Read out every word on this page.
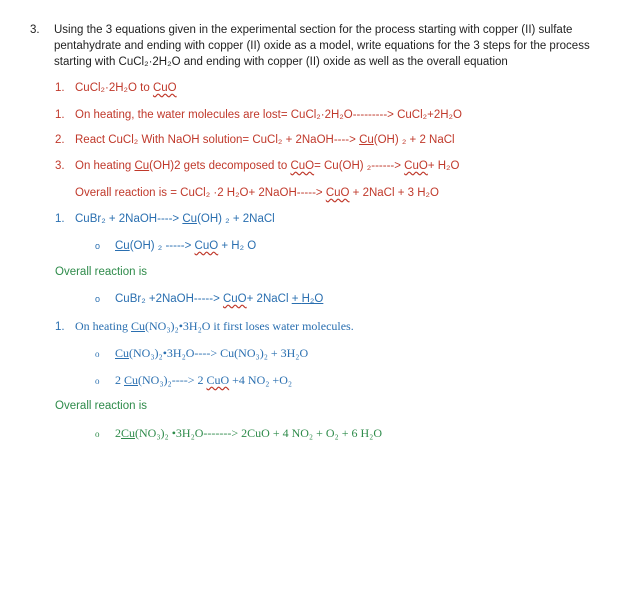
3. Using the 3 equations given in the experimental section for the process starting with copper (II) sulfate
pentahydrate and ending with copper (II) oxide as a model, write equations for the 3 steps for the process
starting with CuCl₂·2H₂O and ending with copper (II) oxide as well as the overall equation
1. CuCl₂·2H₂O to CuO
1. On heating, the water molecules are lost= CuCl₂·2H₂O---------> CuCl₂+2H₂O
2. React CuCl₂ With NaOH solution= CuCl₂ + 2NaOH----> Cu(OH) ₂ + 2 NaCl
3. On heating Cu(OH)2 gets decomposed to CuO= Cu(OH) ₂------> CuO+ H₂O
Overall reaction is = CuCl₂ ·2 H₂O+ 2NaOH-----> CuO + 2NaCl + 3 H₂O
1. CuBr₂ + 2NaOH----> Cu(OH) ₂ + 2NaCl
o Cu(OH) ₂ -----> CuO + H₂ O
Overall reaction is
o CuBr₂ +2NaOH-----> CuO+ 2NaCl + H₂O
1. On heating Cu(NO₃)₂•3H₂O it first loses water molecules.
o Cu(NO₃)₂•3H₂O----> Cu(NO₃)₂ + 3H₂O
o 2 Cu(NO₃)₂----> 2 CuO +4 NO₂ +O₂
Overall reaction is
o 2Cu(NO₃)₂ •3H₂O-------> 2CuO + 4 NO₂ + O₂ + 6 H₂O
